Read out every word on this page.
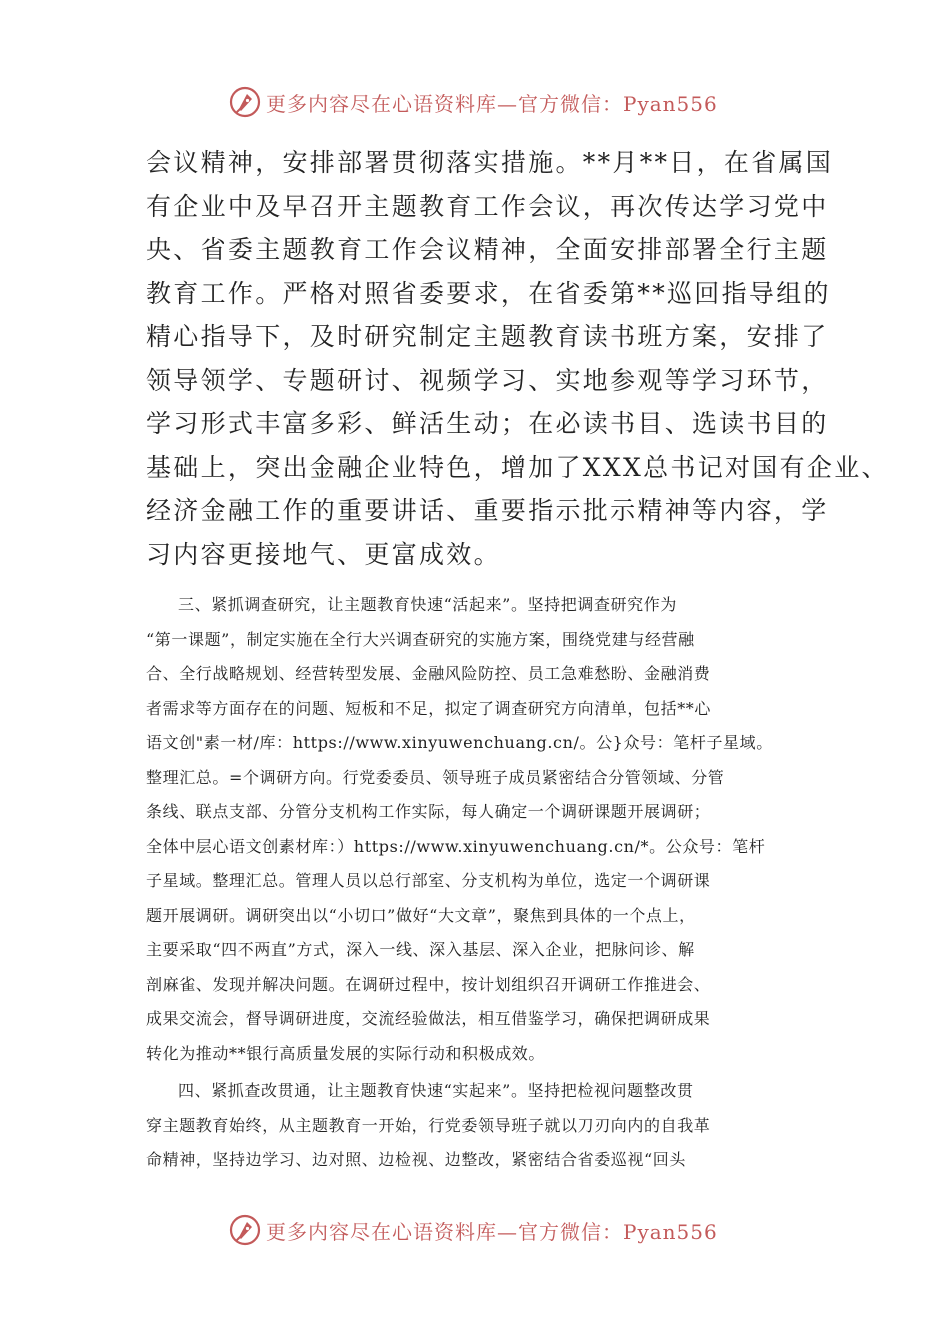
更多内容尽在心语资料库—官方微信：Pyan556
会议精神，安排部署贯彻落实措施。**月**日，在省属国
有企业中及早召开主题教育工作会议，再次传达学习党中
央、省委主题教育工作会议精神，全面安排部署全行主题
教育工作。严格对照省委要求，在省委第**巡回指导组的
精心指导下，及时研究制定主题教育读书班方案，安排了
领导领学、专题研讨、视频学习、实地参观等学习环节，
学习形式丰富多彩、鲜活生动；在必读书目、选读书目的
基础上，突出金融企业特色，增加了XXX总书记对国有企业、
经济金融工作的重要讲话、重要指示批示精神等内容，学
习内容更接地气、更富成效。
三、紧抓调查研究，让主题教育快速“活起来”。坚持把调查研究作为
“第一课题”，制定实施在全行大兴调查研究的实施方案，围绕党建与经营融
合、全行战略规划、经营转型发展、金融风险防控、员工急难愁盼、金融消费
者需求等方面存在的问题、短板和不足，拟定了调查研究方向清单，包括**心
语文创"素一材/库：https://www.xinyuwenchuang.cn/。公}众号：笔杆子星域。
整理汇总。=个调研方向。行党委委员、领导班子成员紧密结合分管领域、分管
条线、联点支部、分管分支机构工作实际，每人确定一个调研课题开展调研；
全体中层心语文创素材库：）https://www.xinyuwenchuang.cn/*。公众号：笔杆
子星域。整理汇总。管理人员以总行部室、分支机构为单位，选定一个调研课
题开展调研。调研突出以“小切口”做好“大文章”，聚焦到具体的一个点上，
主要采取“四不两直”方式，深入一线、深入基层、深入企业，把脉问诊、解
剖麻雀、发现并解决问题。在调研过程中，按计划组织召开调研工作推进会、
成果交流会，督导调研进度，交流经验做法，相互借鉴学习，确保把调研成果
转化为推动**银行高质量发展的实际行动和积极成效。
四、紧抓查改贯通，让主题教育快速“实起来”。坚持把检视问题整改贯
穿主题教育始终，从主题教育一开始，行党委领导班子就以刀刃向内的自我革
命精神，坚持边学习、边对照、边检视、边整改，紧密结合省委巡视“回头
更多内容尽在心语资料库—官方微信：Pyan556
